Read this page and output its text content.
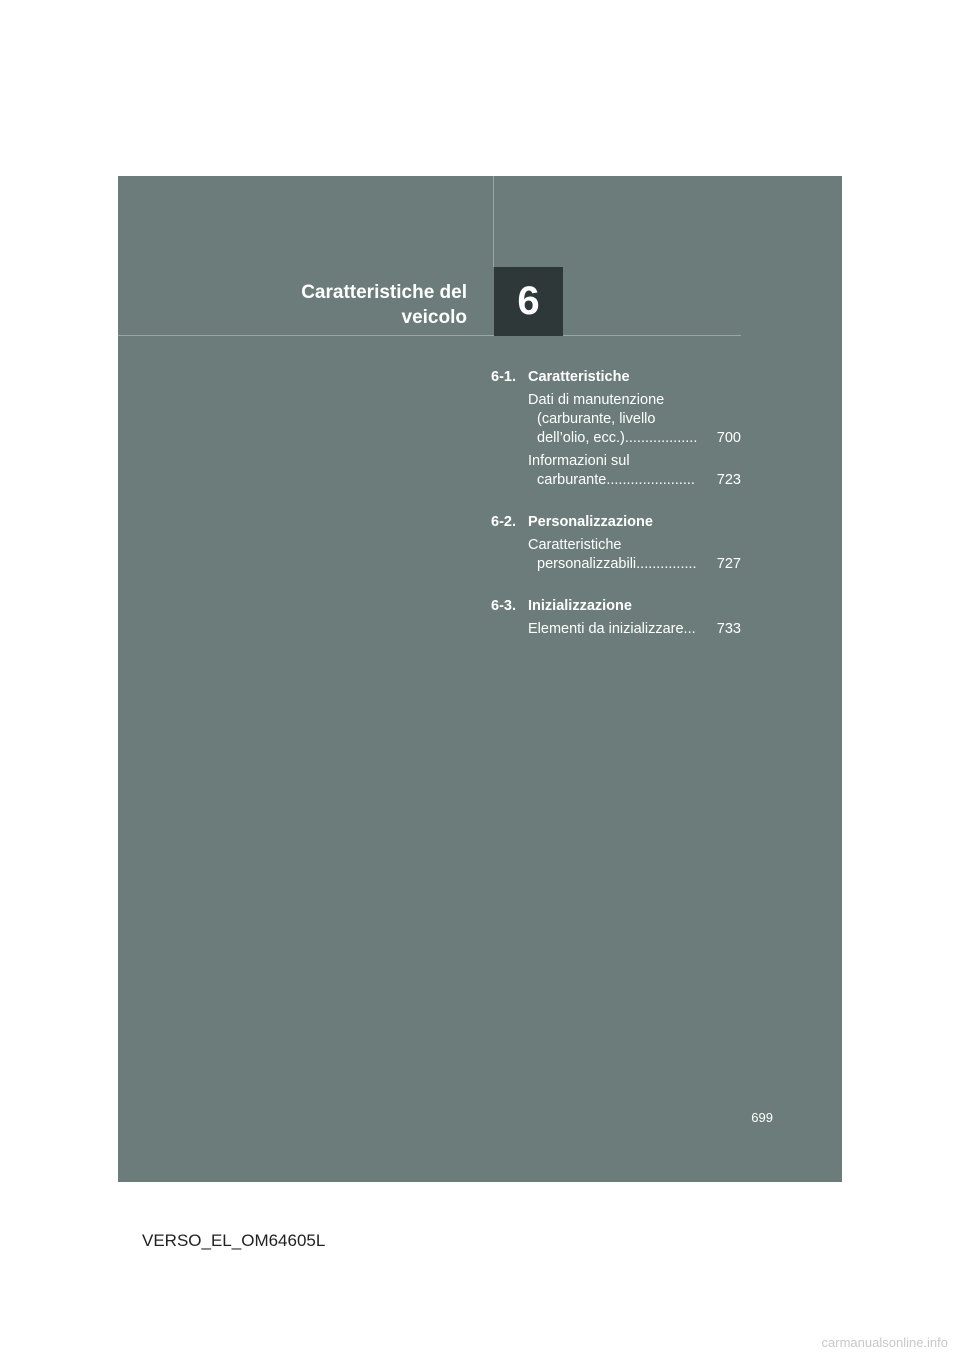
6
Caratteristiche del
veicolo
6-1. Caratteristiche
Dati di manutenzione
(carburante, livello
dell’olio, ecc.) ..................	700
Informazioni sul
carburante ......................	723
6-2. Personalizzazione
Caratteristiche
personalizzabili ...............	727
6-3. Inizializzazione
Elementi da inizializzare ...	733
699
VERSO_EL_OM64605L
carmanualsonline.info
